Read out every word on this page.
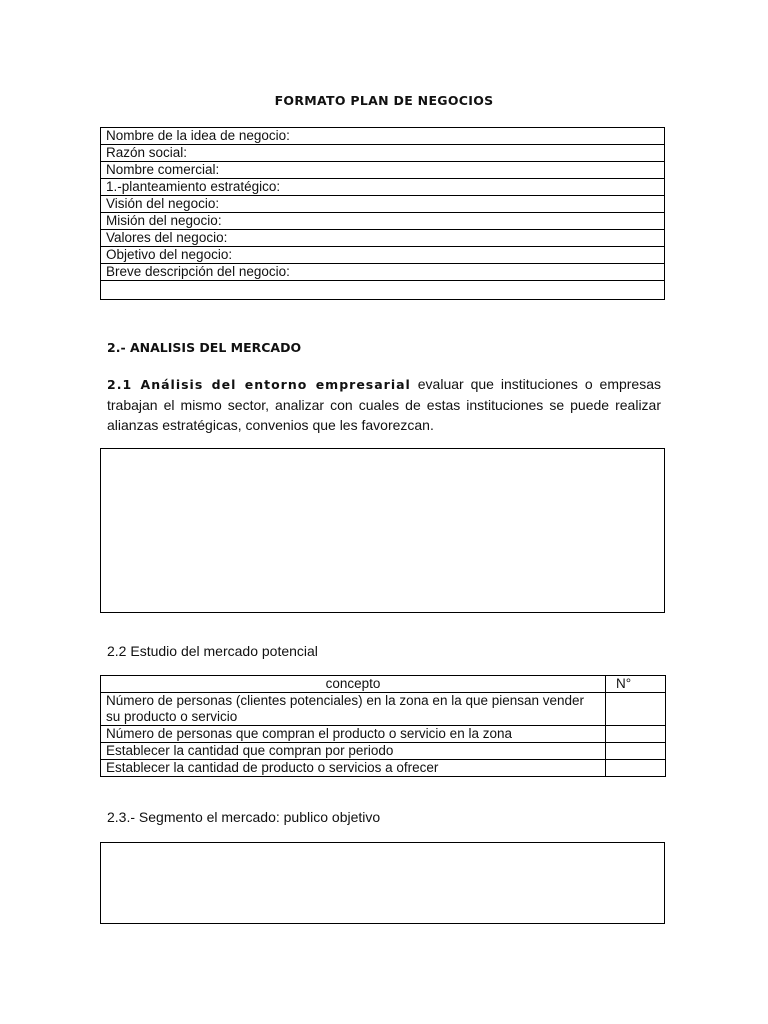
FORMATO PLAN DE NEGOCIOS
Nombre de la idea de negocio:
Razón social:
Nombre comercial:
1.-planteamiento estratégico:
Visión del negocio:
Misión del negocio:
Valores del negocio:
Objetivo del negocio:
Breve descripción del negocio:

2.- ANALISIS DEL MERCADO
2.1 Análisis del entorno empresarial evaluar que instituciones o empresas trabajan el mismo sector, analizar con cuales de estas instituciones se puede realizar alianzas estratégicas, convenios que les favorezcan.
2.2 Estudio del mercado potencial
concepto	N°
Número de personas (clientes potenciales) en la zona en la que piensan vender su producto o servicio	
Número de personas que compran el producto o servicio en la zona	
Establecer la cantidad que compran por periodo	
Establecer la cantidad de producto o servicios a ofrecer	
2.3.- Segmento el mercado: publico objetivo
